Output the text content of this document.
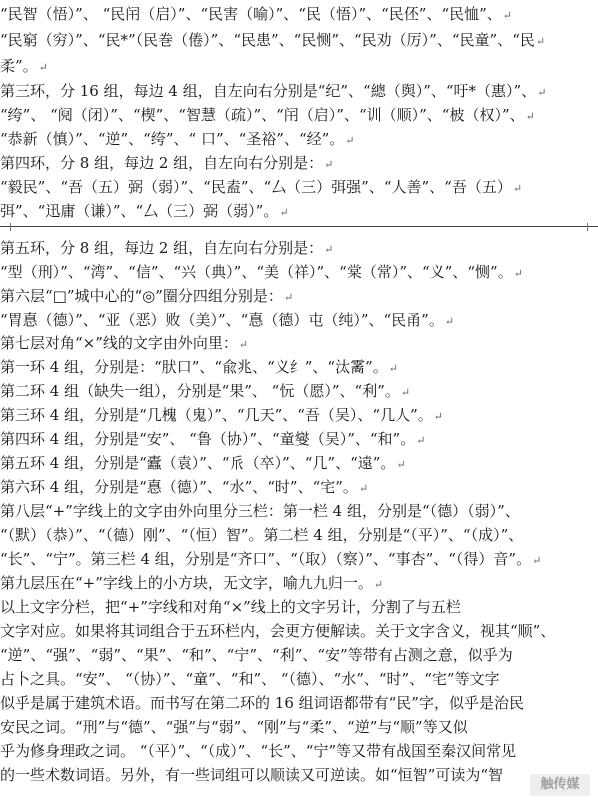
“民智（悟）”、 “民闬（启）”、“民害（喻）”、“民（悟）”、“民伾”、“民恤”、↵
“民窮（穷）”、“民*”（民巻（倦）”、“民患”、“民恻”、“民劝（厉）”、“民童”、“民↵
柔”。↵
第三环，分 16 组，每边 4 组，自左向右分别是“纪”、“總（舆）”、“吁*（惠）”、↵
“绔”、 “阋（闭）”、“楔”、“智慧（疏）”、“闬（启）”、“训（顺）”、“柀（权）”、↵
“恭新（慎）”、“逆”、“绔”、“ 口”、“圣裕”、“经”。↵
第四环，分 8 组，每边 2 组，自左向右分别是：↵
“毅民”、“吾（五）弼（弱）”、“民盍”、“厶（三）弭强”、“人善”、“吾（五）↵
弭”、“迅庸（谦）”、“厶（三）弼（弱）”。↵
第五环，分 8 组，每边 2 组，自左向右分别是：↵
“型（刑）”、“湾”、“信”、“兴（典）”、“美（祥）”、“棠（常）”、“义”、“恻”。↵
第六层“□”城中心的“◎”圈分四组分别是：↵
“胃惪（德）”、“亚（恶）败（美）”、“惪（德）屯（纯）”、“民甬”。↵
第七层对角“×”线的文字由外向里：↵
第一环 4 组，分别是：“肰口”、“兪兆、“义纟”、“汰霱”。↵
第二环 4 组（缺失一组），分别是“果”、 “忨（愿）”、“利”。↵
第三环 4 组，分别是“几槐（鬼）”、“几天”、“吾（吴）、“几人”。↵
第四环 4 组，分别是“安”、 “鲁（协）”、“童燮（吴）”、“和”。↵
第五环 4 组，分别是“蠹（袁）”、“𠂢（卒）”、“几”、“遠”。↵
第六环 4 组，分别是“惪（德）”、“水”、“时”、“宅”。↵
第八层“+”字线上的文字由外向里分三栏：第一栏 4 组，分别是“（德）（弱）”、
“（默）（恭）”、“（德）刚”、“（恒）智”。第二栏 4 组，分别是“（平）”、“（成）”、
“长”、“宁”。第三栏 4 组，分别是“齐口”、“（取）（察）”、“事杏”、“（得）音”。↵
第九层压在“+”字线上的小方块，无文字，喻九九归一。↵
以上文字分栏，把“+”字线和对角“×”线上的文字另计，分割了与五栏
文字对应。如果将其词组合于五环栏内，会更方便解读。关于文字含义，视其“顺”、
“逆”、“强”、“弱”、“果”、“和”、“宁”、“利”、“安”等带有占测之意，似乎为
占卜之具。“安”、 “（协）”、“童”、“和”、 “（德）、“水”、“时”、“宅”等文字
似乎是属于建筑术语。而书写在第二环的 16 组词语都带有“民”字，似乎是治民
安民之词。“刑”与“德”、“强”与“弱”、“刚”与“柔”、“逆”与“顺”等又似
乎为修身理政之词。 “（平）”、“（成）”、“长”、“宁”等又带有战国至秦汉间常见
的一些术数词语。另外，有一些词组可以顺读又可逆读。如“恒智”可读为“智
触传媒
